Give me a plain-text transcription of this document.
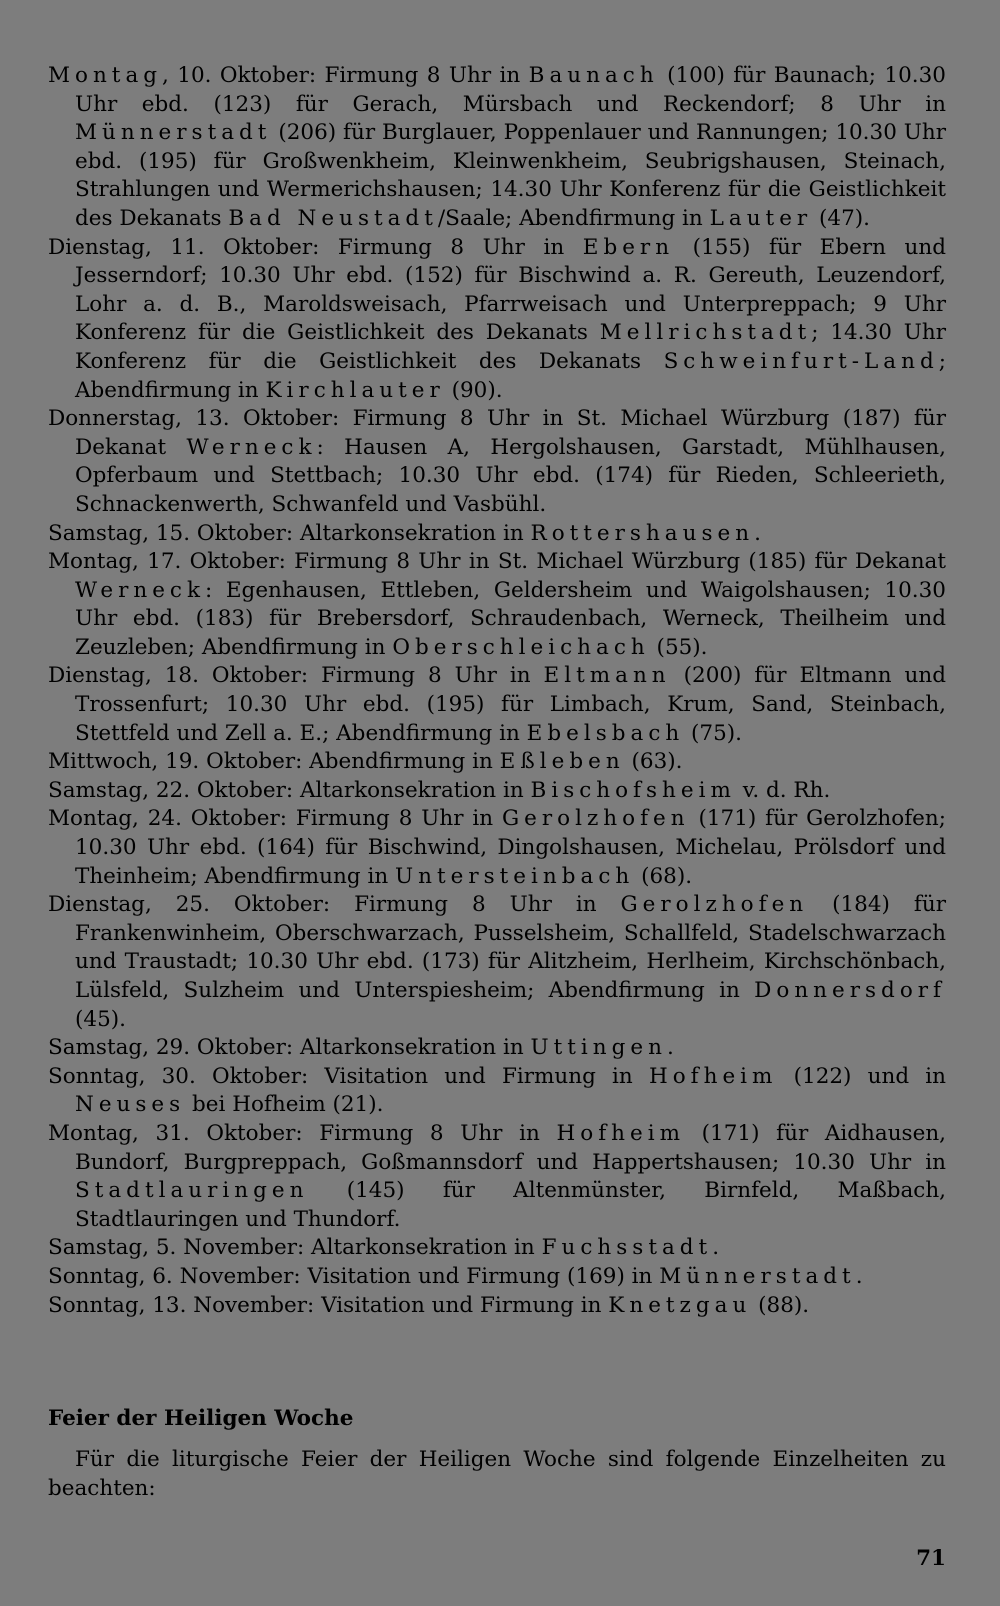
Montag, 10. Oktober: Firmung 8 Uhr in Baunach (100) für Baunach; 10.30 Uhr ebd. (123) für Gerach, Mürsbach und Reckendorf; 8 Uhr in Münnerstadt (206) für Burglauer, Poppenlauer und Rannungen; 10.30 Uhr ebd. (195) für Großwenkheim, Kleinwenkheim, Seubrigshausen, Steinach, Strahlungen und Wermerichshausen; 14.30 Uhr Konferenz für die Geistlichkeit des Dekanats Bad Neustadt/Saale; Abendfirmung in Lauter (47).

Dienstag, 11. Oktober: Firmung 8 Uhr in Ebern (155) für Ebern und Jesserndorf; 10.30 Uhr ebd. (152) für Bischwind a. R. Gereuth, Leuzendorf, Lohr a. d. B., Maroldsweisach, Pfarrweisach und Unterpreppach; 9 Uhr Konferenz für die Geistlichkeit des Dekanats Mellrichstadt; 14.30 Uhr Konferenz für die Geistlichkeit des Dekanats Schweinfurt-Land; Abendfirmung in Kirchlauter (90).

Donnerstag, 13. Oktober: Firmung 8 Uhr in St. Michael Würzburg (187) für Dekanat Werneck: Hausen A, Hergolshausen, Garstadt, Mühlhausen, Opferbaum und Stettbach; 10.30 Uhr ebd. (174) für Rieden, Schleerieth, Schnackenwerth, Schwanfeld und Vasbühl.

Samstag, 15. Oktober: Altarkonsekration in Rottershausen.

Montag, 17. Oktober: Firmung 8 Uhr in St. Michael Würzburg (185) für Dekanat Werneck: Egenhausen, Ettleben, Geldersheim und Waigolshausen; 10.30 Uhr ebd. (183) für Brebersdorf, Schraudenbach, Werneck, Theilheim und Zeuzleben; Abendfirmung in Oberschleichach (55).

Dienstag, 18. Oktober: Firmung 8 Uhr in Eltmann (200) für Eltmann und Trossenfurt; 10.30 Uhr ebd. (195) für Limbach, Krum, Sand, Steinbach, Stettfeld und Zell a. E.; Abendfirmung in Ebelsbach (75).

Mittwoch, 19. Oktober: Abendfirmung in Eßleben (63).

Samstag, 22. Oktober: Altarkonsekration in Bischofsheim v. d. Rh.

Montag, 24. Oktober: Firmung 8 Uhr in Gerolzhofen (171) für Gerolzhofen; 10.30 Uhr ebd. (164) für Bischwind, Dingolshausen, Michelau, Prölsdorf und Theinheim; Abendfirmung in Untersteinbach (68).

Dienstag, 25. Oktober: Firmung 8 Uhr in Gerolzhofen (184) für Frankenwinheim, Oberschwarzach, Pusselsheim, Schallfeld, Stadelschwarzach und Traustadt; 10.30 Uhr ebd. (173) für Alitzheim, Herlheim, Kirchschönbach, Lülsfeld, Sulzheim und Unterspiesheim; Abendfirmung in Donnersdorf (45).

Samstag, 29. Oktober: Altarkonsekration in Uttingen.

Sonntag, 30. Oktober: Visitation und Firmung in Hofheim (122) und in Neuses bei Hofheim (21).

Montag, 31. Oktober: Firmung 8 Uhr in Hofheim (171) für Aidhausen, Bundorf, Burgpreppach, Goßmannsdorf und Happertshausen; 10.30 Uhr in Stadtlauringen (145) für Altenmünster, Birnfeld, Maßbach, Stadtlauringen und Thundorf.

Samstag, 5. November: Altarkonsekration in Fuchsstadt.

Sonntag, 6. November: Visitation und Firmung (169) in Münnerstadt.

Sonntag, 13. November: Visitation und Firmung in Knetzgau (88).

Feier der Heiligen Woche

Für die liturgische Feier der Heiligen Woche sind folgende Einzelheiten zu beachten:

71
